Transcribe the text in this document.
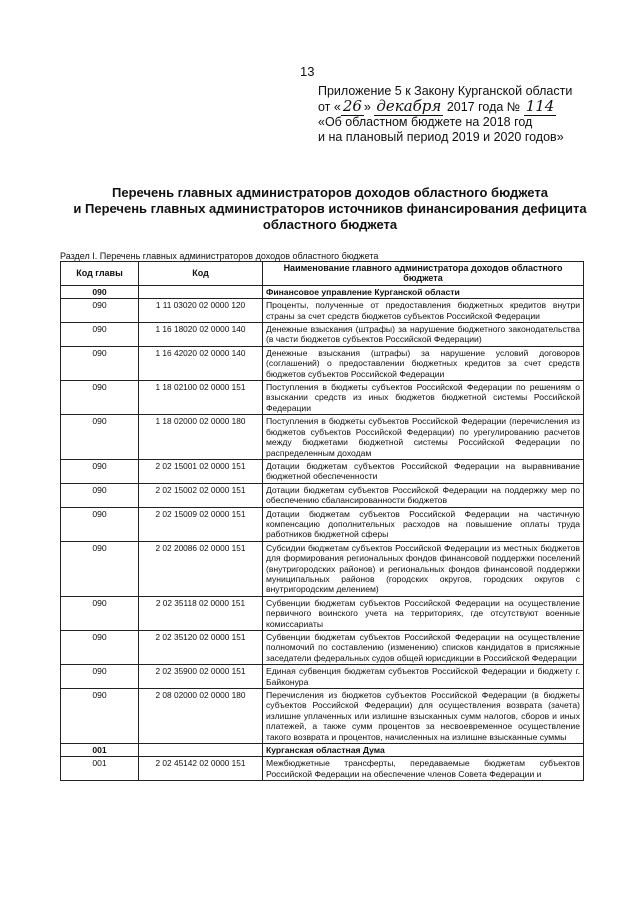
13
Приложение 5 к Закону Курганской области
от « 26 » декабря 2017 года № 114
«Об областном бюджете на 2018 год
и на плановый период 2019 и 2020 годов»
Перечень главных администраторов доходов областного бюджета
и Перечень главных администраторов источников финансирования дефицита
областного бюджета
Раздел I. Перечень главных администраторов доходов областного бюджета
Код главы	Код	Наименование главного администратора доходов областного бюджета
090		Финансовое управление Курганской области
090	1 11 03020 02 0000 120	Проценты, полученные от предоставления бюджетных кредитов внутри страны за счет средств бюджетов субъектов Российской Федерации
090	1 16 18020 02 0000 140	Денежные взыскания (штрафы) за нарушение бюджетного законодательства (в части бюджетов субъектов Российской Федерации)
090	1 16 42020 02 0000 140	Денежные взыскания (штрафы) за нарушение условий договоров (соглашений) о предоставлении бюджетных кредитов за счет средств бюджетов субъектов Российской Федерации
090	1 18 02100 02 0000 151	Поступления в бюджеты субъектов Российской Федерации по решениям о взыскании средств из иных бюджетов бюджетной системы Российской Федерации
090	1 18 02000 02 0000 180	Поступления в бюджеты субъектов Российской Федерации (перечисления из бюджетов субъектов Российской Федерации) по урегулированию расчетов между бюджетами бюджетной системы Российской Федерации по распределенным доходам
090	2 02 15001 02 0000 151	Дотации бюджетам субъектов Российской Федерации на выравнивание бюджетной обеспеченности
090	2 02 15002 02 0000 151	Дотации бюджетам субъектов Российской Федерации на поддержку мер по обеспечению сбалансированности бюджетов
090	2 02 15009 02 0000 151	Дотации бюджетам субъектов Российской Федерации на частичную компенсацию дополнительных расходов на повышение оплаты труда работников бюджетной сферы
090	2 02 20086 02 0000 151	Субсидии бюджетам субъектов Российской Федерации из местных бюджетов для формирования региональных фондов финансовой поддержки поселений (внутригородских районов) и региональных фондов финансовой поддержки муниципальных районов (городских округов, городских округов с внутригородским делением)
090	2 02 35118 02 0000 151	Субвенции бюджетам субъектов Российской Федерации на осуществление первичного воинского учета на территориях, где отсутствуют военные комиссариаты
090	2 02 35120 02 0000 151	Субвенции бюджетам субъектов Российской Федерации на осуществление полномочий по составлению (изменению) списков кандидатов в присяжные заседатели федеральных судов общей юрисдикции в Российской Федерации
090	2 02 35900 02 0000 151	Единая субвенция бюджетам субъектов Российской Федерации и бюджету г. Байконура
090	2 08 02000 02 0000 180	Перечисления из бюджетов субъектов Российской Федерации (в бюджеты субъектов Российской Федерации) для осуществления возврата (зачета) излишне уплаченных или излишне взысканных сумм налогов, сборов и иных платежей, а также сумм процентов за несвоевременное осуществление такого возврата и процентов, начисленных на излишне взысканные суммы
001		Курганская областная Дума
001	2 02 45142 02 0000 151	Межбюджетные трансферты, передаваемые бюджетам субъектов Российской Федерации на обеспечение членов Совета Федерации и
